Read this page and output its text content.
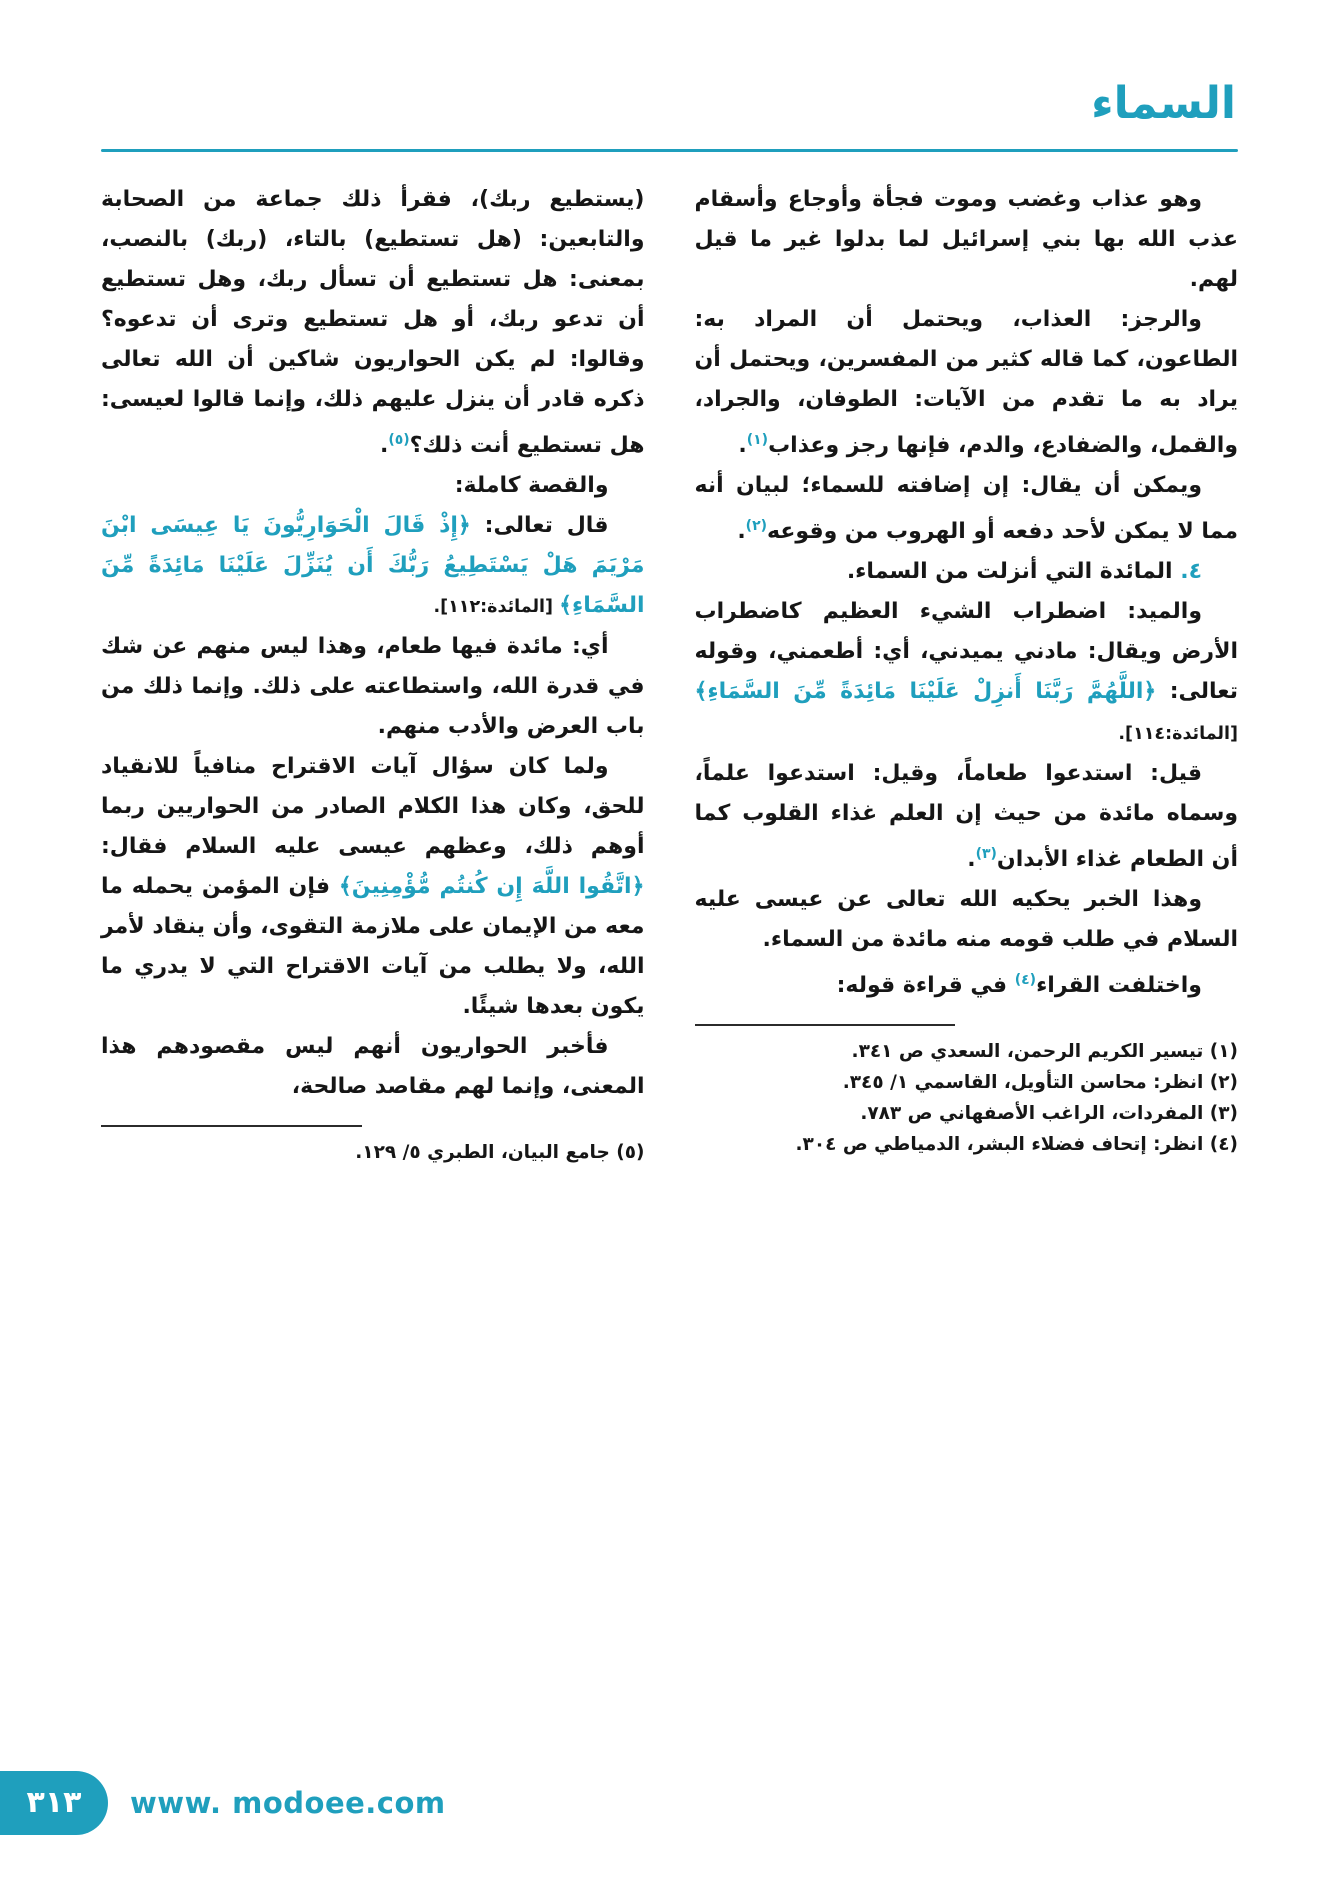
السماء

وهو عذاب وغضب وموت فجأة وأوجاع وأسقام عذب الله بها بني إسرائيل لما بدلوا غير ما قيل لهم.

والرجز: العذاب، ويحتمل أن المراد به: الطاعون، كما قاله كثير من المفسرين، ويحتمل أن يراد به ما تقدم من الآيات: الطوفان، والجراد، والقمل، والضفادع، والدم، فإنها رجز وعذاب$^{(١)}$.

ويمكن أن يقال: إن إضافته للسماء؛ لبيان أنه مما لا يمكن لأحد دفعه أو الهروب من وقوعه$^{(٢)}$.

٤. المائدة التي أنزلت من السماء.

والميد: اضطراب الشيء العظيم كاضطراب الأرض ويقال: مادني يميدني، أي: أطعمني، وقوله تعالى: ﴿اللَّهُمَّ رَبَّنَا أَنزِلْ عَلَيْنَا مَائِدَةً مِّنَ السَّمَاءِ﴾ [المائدة:١١٤].

قيل: استدعوا طعاماً، وقيل: استدعوا علماً، وسماه مائدة من حيث إن العلم غذاء القلوب كما أن الطعام غذاء الأبدان$^{(٣)}$.

وهذا الخبر يحكيه الله تعالى عن عيسى عليه السلام في طلب قومه منه مائدة من السماء.

واختلفت القراء$^{(٤)}$ في قراءة قوله:

(١) تيسير الكريم الرحمن، السعدي ص ٣٤١.

(٢) انظر: محاسن التأويل، القاسمي ١/ ٣٤٥.

(٣) المفردات، الراغب الأصفهاني ص ٧٨٣.

(٤) انظر: إتحاف فضلاء البشر، الدمياطي ص ٣٠٤.

(يستطيع ربك)، فقرأ ذلك جماعة من الصحابة والتابعين: (هل تستطيع) بالتاء، (ربك) بالنصب، بمعنى: هل تستطيع أن تسأل ربك، وهل تستطيع أن تدعو ربك، أو هل تستطيع وترى أن تدعوه؟ وقالوا: لم يكن الحواريون شاكين أن الله تعالى ذكره قادر أن ينزل عليهم ذلك، وإنما قالوا لعيسى: هل تستطيع أنت ذلك؟$^{(٥)}$.

والقصة كاملة:

قال تعالى: ﴿إِذْ قَالَ الْحَوَارِيُّونَ يَا عِيسَى ابْنَ مَرْيَمَ هَلْ يَسْتَطِيعُ رَبُّكَ أَن يُنَزِّلَ عَلَيْنَا مَائِدَةً مِّنَ السَّمَاءِ﴾ [المائدة:١١٢].

أي: مائدة فيها طعام، وهذا ليس منهم عن شك في قدرة الله، واستطاعته على ذلك. وإنما ذلك من باب العرض والأدب منهم.

ولما كان سؤال آيات الاقتراح منافياً للانقياد للحق، وكان هذا الكلام الصادر من الحواريين ربما أوهم ذلك، وعظهم عيسى عليه السلام فقال: ﴿اتَّقُوا اللَّهَ إِن كُنتُم مُّؤْمِنِينَ﴾ فإن المؤمن يحمله ما معه من الإيمان على ملازمة التقوى، وأن ينقاد لأمر الله، ولا يطلب من آيات الاقتراح التي لا يدري ما يكون بعدها شيئًا.

فأخبر الحواريون أنهم ليس مقصودهم هذا المعنى، وإنما لهم مقاصد صالحة،

(٥) جامع البيان، الطبري ٥/ ١٢٩.

٣١٣ www. modoee.com
